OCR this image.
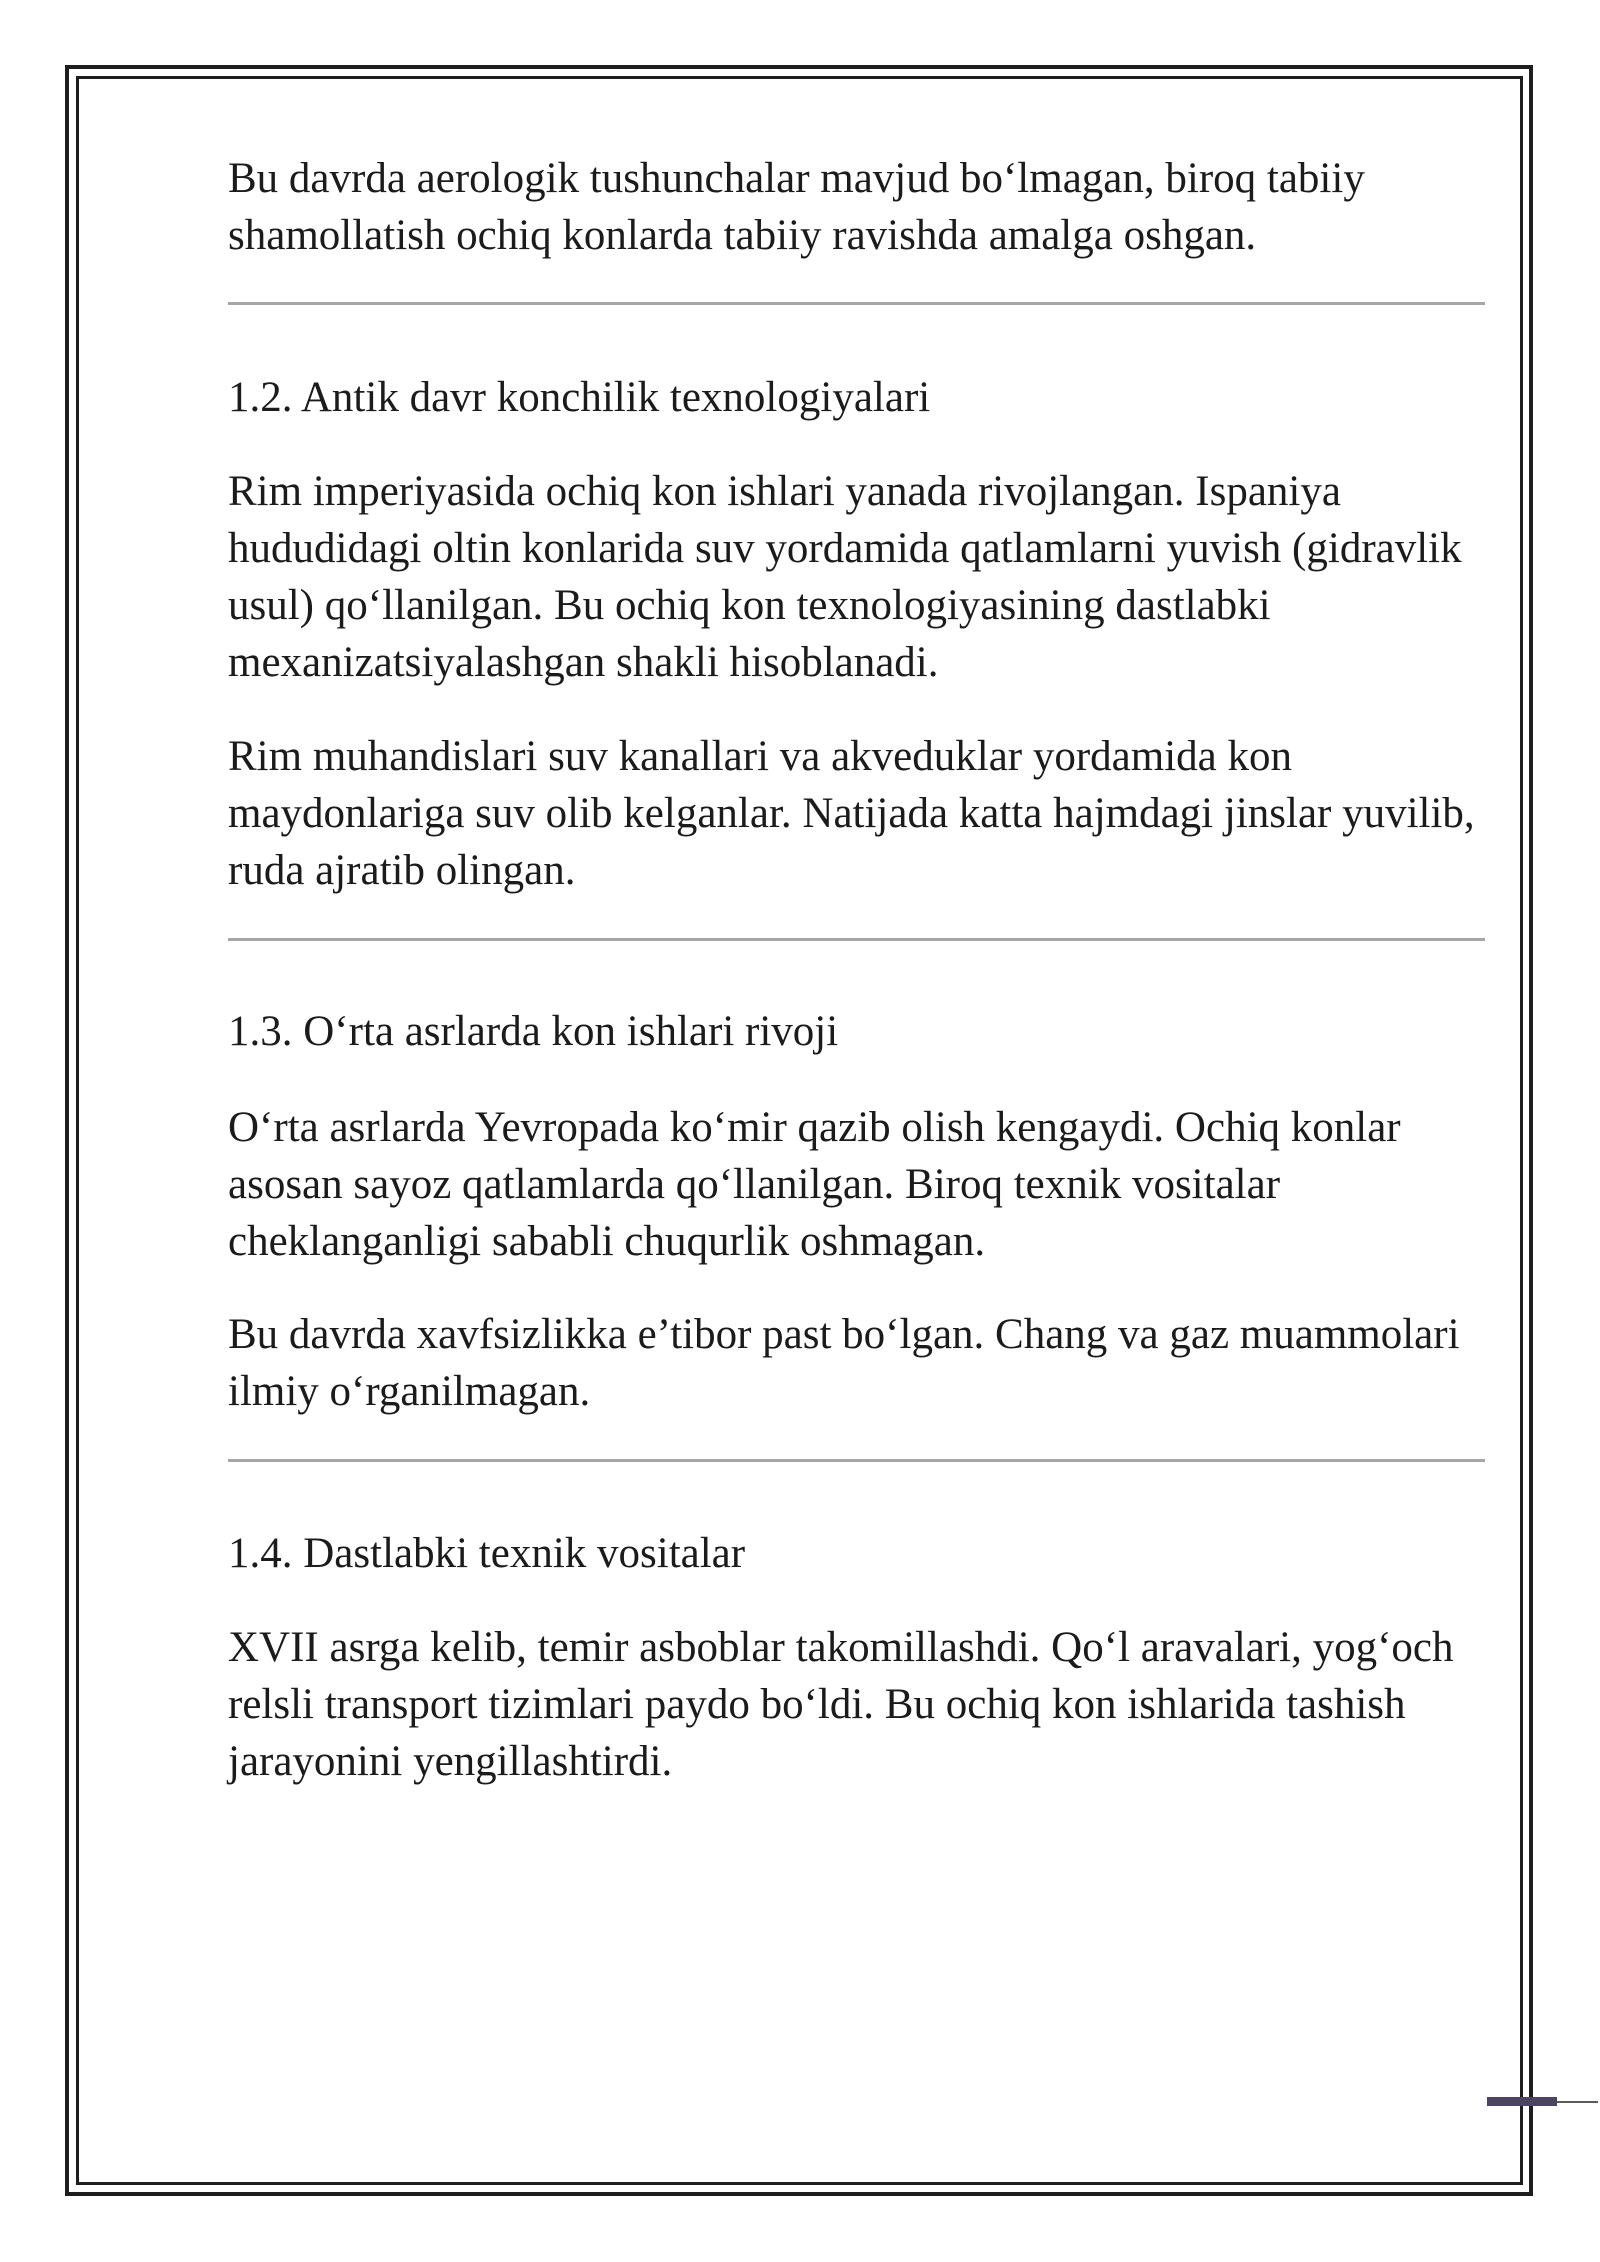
Bu davrda aerologik tushunchalar mavjud bo‘lmagan, biroq tabiiy
shamollatish ochiq konlarda tabiiy ravishda amalga oshgan.
1.2. Antik davr konchilik texnologiyalari
Rim imperiyasida ochiq kon ishlari yanada rivojlangan. Ispaniya
hududidagi oltin konlarida suv yordamida qatlamlarni yuvish (gidravlik
usul) qo‘llanilgan. Bu ochiq kon texnologiyasining dastlabki
mexanizatsiyalashgan shakli hisoblanadi.
Rim muhandislari suv kanallari va akveduklar yordamida kon
maydonlariga suv olib kelganlar. Natijada katta hajmdagi jinslar yuvilib,
ruda ajratib olingan.
1.3. O‘rta asrlarda kon ishlari rivoji
O‘rta asrlarda Yevropada ko‘mir qazib olish kengaydi. Ochiq konlar
asosan sayoz qatlamlarda qo‘llanilgan. Biroq texnik vositalar
cheklanganligi sababli chuqurlik oshmagan.
Bu davrda xavfsizlikka e’tibor past bo‘lgan. Chang va gaz muammolari
ilmiy o‘rganilmagan.
1.4. Dastlabki texnik vositalar
XVII asrga kelib, temir asboblar takomillashdi. Qo‘l aravalari, yog‘och
relsli transport tizimlari paydo bo‘ldi. Bu ochiq kon ishlarida tashish
jarayonini yengillashtirdi.
